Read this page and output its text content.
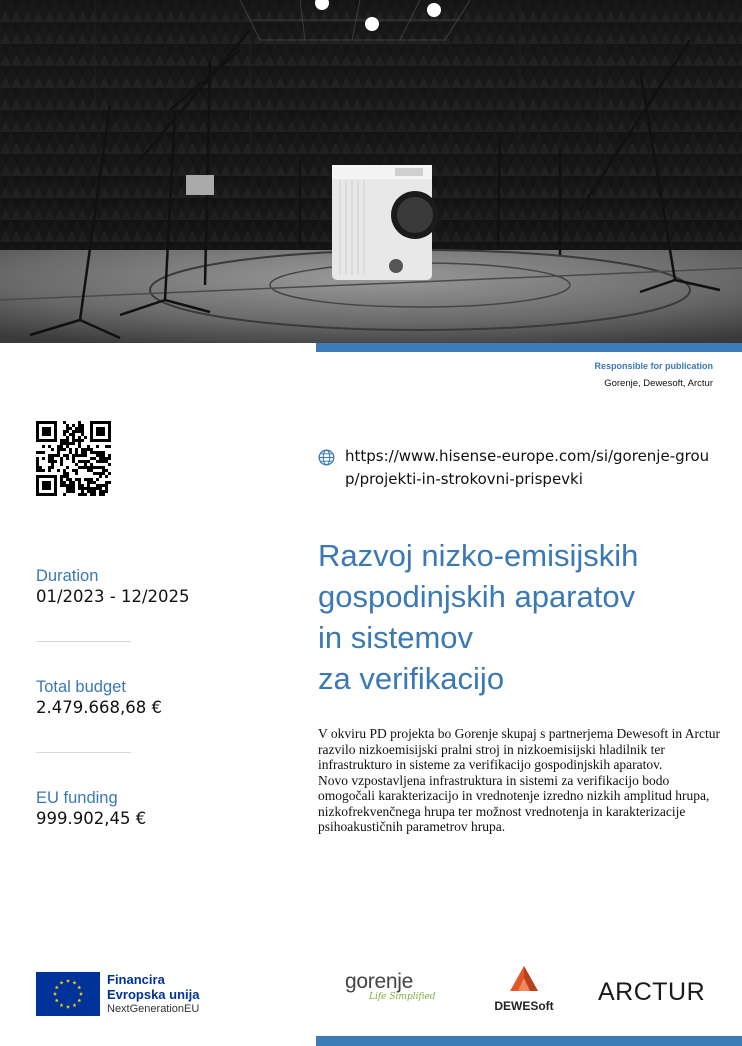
Responsible for publication
Gorenje, Dewesoft, Arctur
https://www.hisense-europe.com/si/gorenje-group/projekti-in-strokovni-prispevki
Razvoj nizko-emisijskih
gospodinjskih aparatov
in sistemov
za verifikacijo

V okviru PD projekta bo Gorenje skupaj s partnerjema Dewesoft in Arctur razvilo nizkoemisijski pralni stroj in nizkoemisijski hladilnik ter infrastrukturo in sisteme za verifikacijo gospodinjskih aparatov.

Novo vzpostavljena infrastruktura in sistemi za verifikacijo bodo omogočali karakterizacijo in vrednotenje izredno nizkih amplitud hrupa, nizkofrekvenčnega hrupa ter možnost vrednotenja in karakterizacije psihoakustičnih parametrov hrupa.

Duration
01/2023 - 12/2025
Total budget
2.479.668,68 €
EU funding
999.902,45 €
Financira
Evropska unija
NextGenerationEU
gorenje
Life Simplified
DEWESoft ARCTUR
